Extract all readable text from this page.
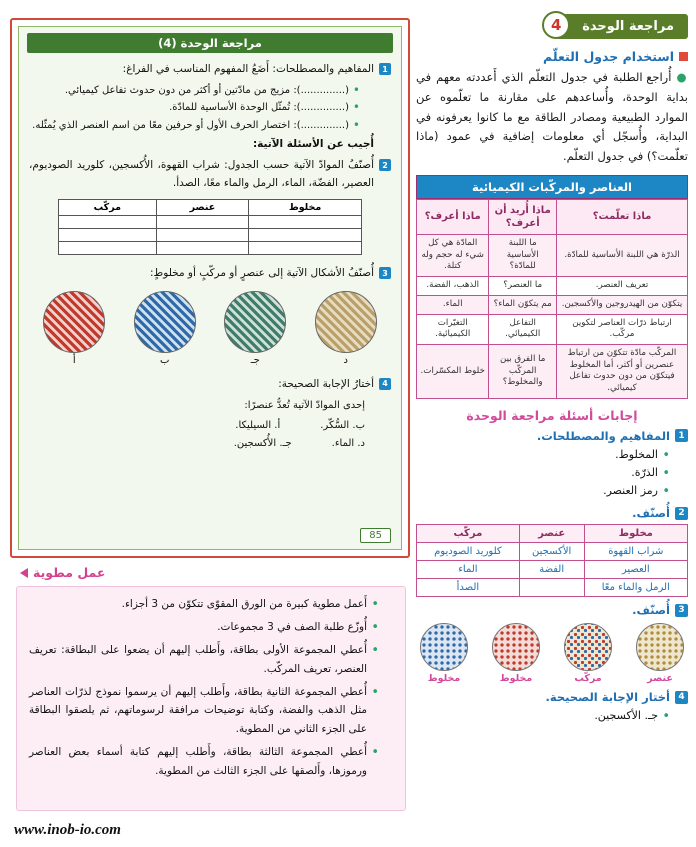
مراجعة الوحدة
4
استخدام جدول التعلّم
● أُراجع الطلبة في جدول التعلّم الذي أَعددته معهم في بداية الوحدة، وأُساعدهم على مقارنة ما تعلّموه عن الموارد الطبيعية ومصادر الطاقة مع ما كانوا يعرفونه في البداية، وأُسجّل أي معلومات إضافية في عمود (ماذا تعلّمت؟) في جدول التعلّم.
العناصر والمركّبات الكيميائية
ماذا تعلّمت؟	ماذا أُريد أن أعرف؟	ماذا أعرف؟
الذرّة هي اللبنة الأساسية للمادّة.	ما اللبنة الأساسية للمادّة؟	المادّة هي كل شيء له حجم وله كتلة.
تعريف العنصر.	ما العنصر؟	الذهب، الفضة.
يتكوّن من الهيدروجين والأكسجين.	مم يتكوّن الماء؟	الماء.
ارتباط ذرّات العناصر لتكوين مركّب.	التفاعل الكيميائي.	التغيّرات الكيميائية.
المركّب مادّة تتكوّن من ارتباط عنصرين أو أكثر، أما المخلوط فيتكوّن من دون حدوث تفاعل كيميائي.	ما الفرق بين المركّب والمخلوط؟	خلوط المكسّرات.
إجابات أسئلة مراجعة الوحدة
1
المفاهيم والمصطلحات.
• المخلوط.
• الذرّة.
• رمز العنصر.
2
أُصنّف.
مخلوط	عنصر	مركّب
شراب القهوة	الأكسجين	كلوريد الصوديوم
العصير	الفضة	الماء
الرمل والماء معًا		الصدأ
3
أُصنّف.
عنصر
مركّب
مخلوط
مخلوط
4
أختار الإجابة الصحيحة.
• جـ. الأكسجين.
مراجعة الوحدة (4)
1
المفاهيم والمصطلحات: أَضَعُ المفهوم المناسب في الفراغ:
• (..............): مزيج من مادّتين أو أكثر من دون حدوث تفاعل كيميائي.
• (..............): تُمثّل الوحدة الأساسية للمادّة.
• (..............): اختصار الحرف الأول أو حرفين معًا من اسم العنصر الذي يُمثّله.
أُجيب عن الأسئلة الآتية:
2
أُصنّفُ الموادّ الآتية حسب الجدول: شراب القهوة، الأُكسجين، كلوريد الصوديوم، العصير، الفضّة، الماء، الرمل والماء معًا، الصدأ.
مخلوط	عنصر	مركّب

3
أُصنّفُ الأشكال الآتية إلى عنصرٍ أو مركّبٍ أو مخلوطٍ:
د
جـ
ب
أ
4
أختارُ الإجابة الصحيحة:
إحدى الموادّ الآتية تُعدُّ عنصرًا:
ب. السُّكّر.
أ. السيليكا.
د. الماء.
جـ. الأُكسجين.
85
عمل مطوية
• أَعمل مطوية كبيرة من الورق المقوّى تتكوّن من 3 أجزاء.
• أُوزّع طلبة الصف في 3 مجموعات.
• أُعطي المجموعة الأولى بطاقة، وأَطلب إليهم أن يضعوا على البطاقة: تعريف العنصر، تعريف المركّب.
• أُعطي المجموعة الثانية بطاقة، وأَطلب إليهم أن يرسموا نموذج لذرّات العناصر مثل الذهب والفضة، وكتابة توضيحات مرافقة لرسوماتهم، ثم يلصقوا البطاقة على الجزء الثاني من المطوية.
• أُعطي المجموعة الثالثة بطاقة، وأَطلب إليهم كتابة أسماء بعض العناصر ورموزها، وأَلصقها على الجزء الثالث من المطوية.
www.inob-io.com
